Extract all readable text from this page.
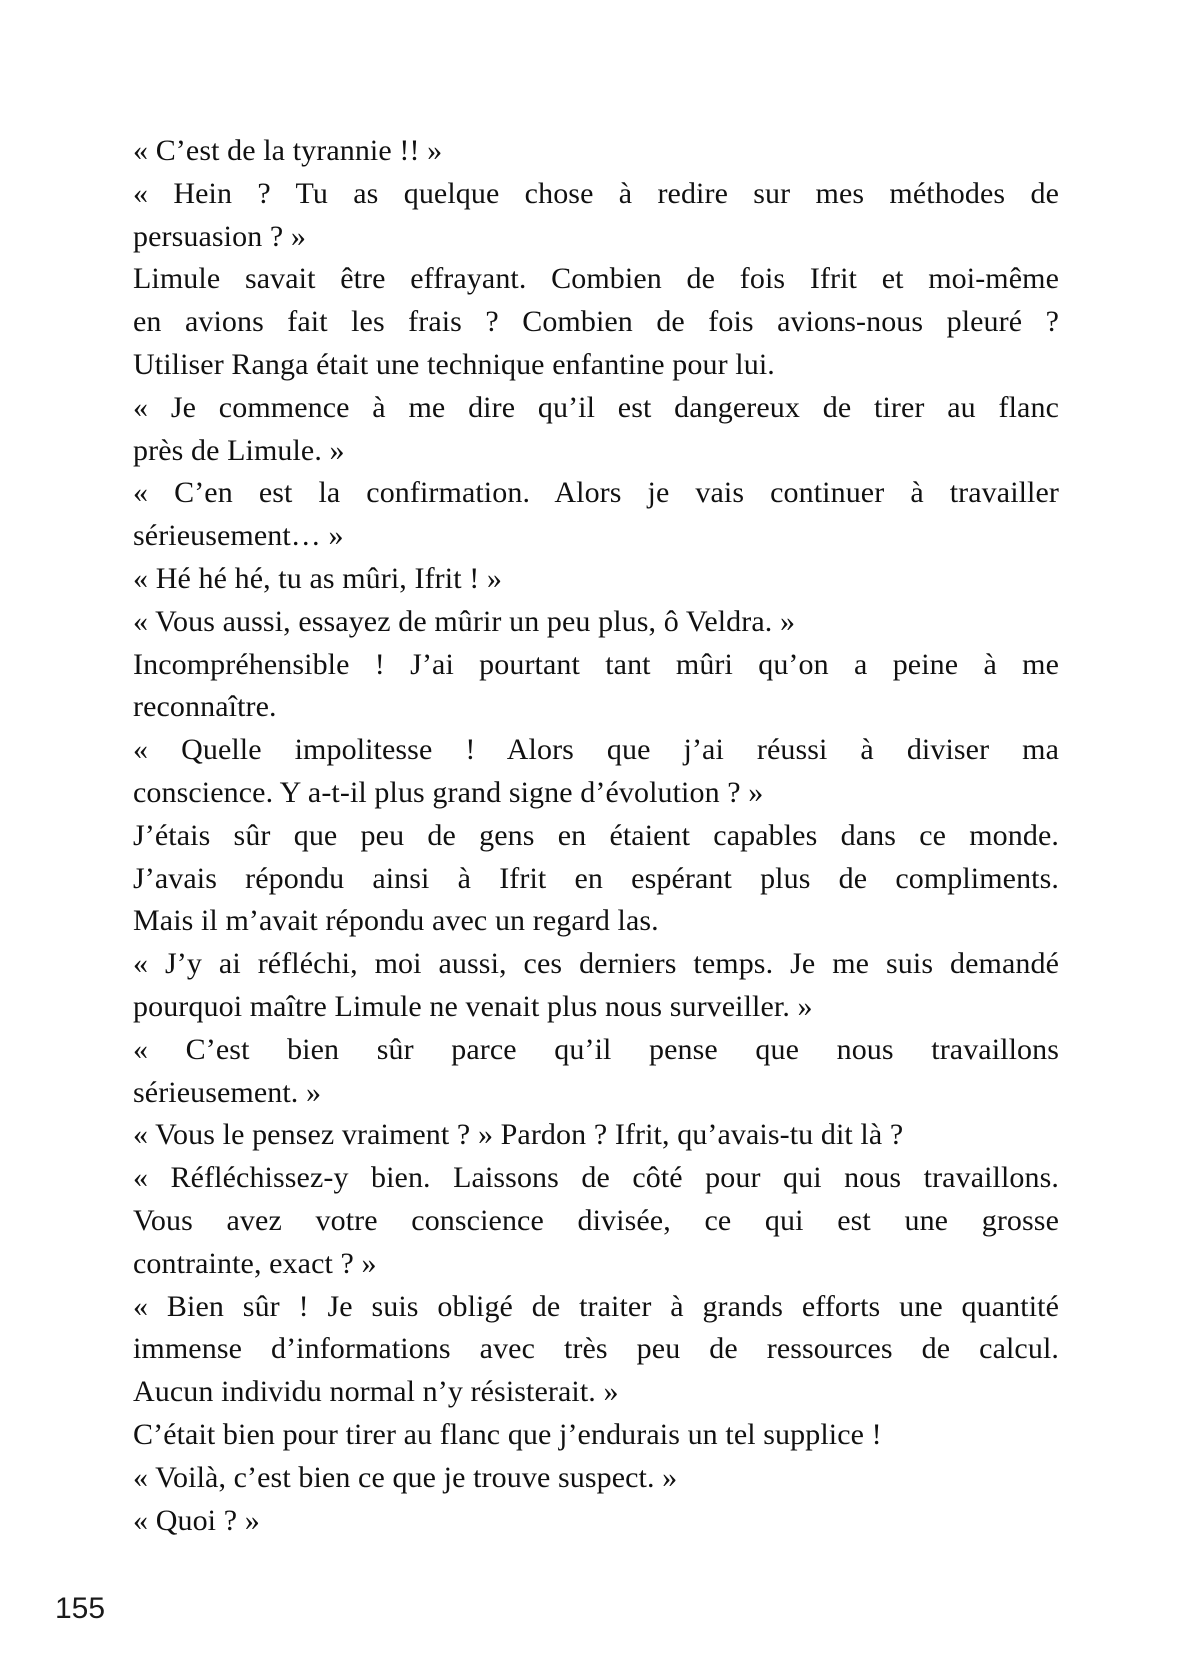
« C’est de la tyrannie !! »
« Hein ? Tu as quelque chose à redire sur mes méthodes de
persuasion ? »
Limule savait être effrayant. Combien de fois Ifrit et moi-même
en avions fait les frais ? Combien de fois avions-nous pleuré ?
Utiliser Ranga était une technique enfantine pour lui.
« Je commence à me dire qu’il est dangereux de tirer au flanc
près de Limule. »
« C’en est la confirmation. Alors je vais continuer à travailler
sérieusement… »
« Hé hé hé, tu as mûri, Ifrit ! »
« Vous aussi, essayez de mûrir un peu plus, ô Veldra. »
Incompréhensible ! J’ai pourtant tant mûri qu’on a peine à me
reconnaître.
« Quelle impolitesse ! Alors que j’ai réussi à diviser ma
conscience. Y a-t-il plus grand signe d’évolution ? »
J’étais sûr que peu de gens en étaient capables dans ce monde.
J’avais répondu ainsi à Ifrit en espérant plus de compliments.
Mais il m’avait répondu avec un regard las.
« J’y ai réfléchi, moi aussi, ces derniers temps. Je me suis demandé
pourquoi maître Limule ne venait plus nous surveiller. »
« C’est bien sûr parce qu’il pense que nous travaillons
sérieusement. »
« Vous le pensez vraiment ? » Pardon ? Ifrit, qu’avais-tu dit là ?
« Réfléchissez-y bien. Laissons de côté pour qui nous travaillons.
Vous avez votre conscience divisée, ce qui est une grosse
contrainte, exact ? »
« Bien sûr ! Je suis obligé de traiter à grands efforts une quantité
immense d’informations avec très peu de ressources de calcul.
Aucun individu normal n’y résisterait. »
C’était bien pour tirer au flanc que j’endurais un tel supplice !
« Voilà, c’est bien ce que je trouve suspect. »
« Quoi ? »
155
